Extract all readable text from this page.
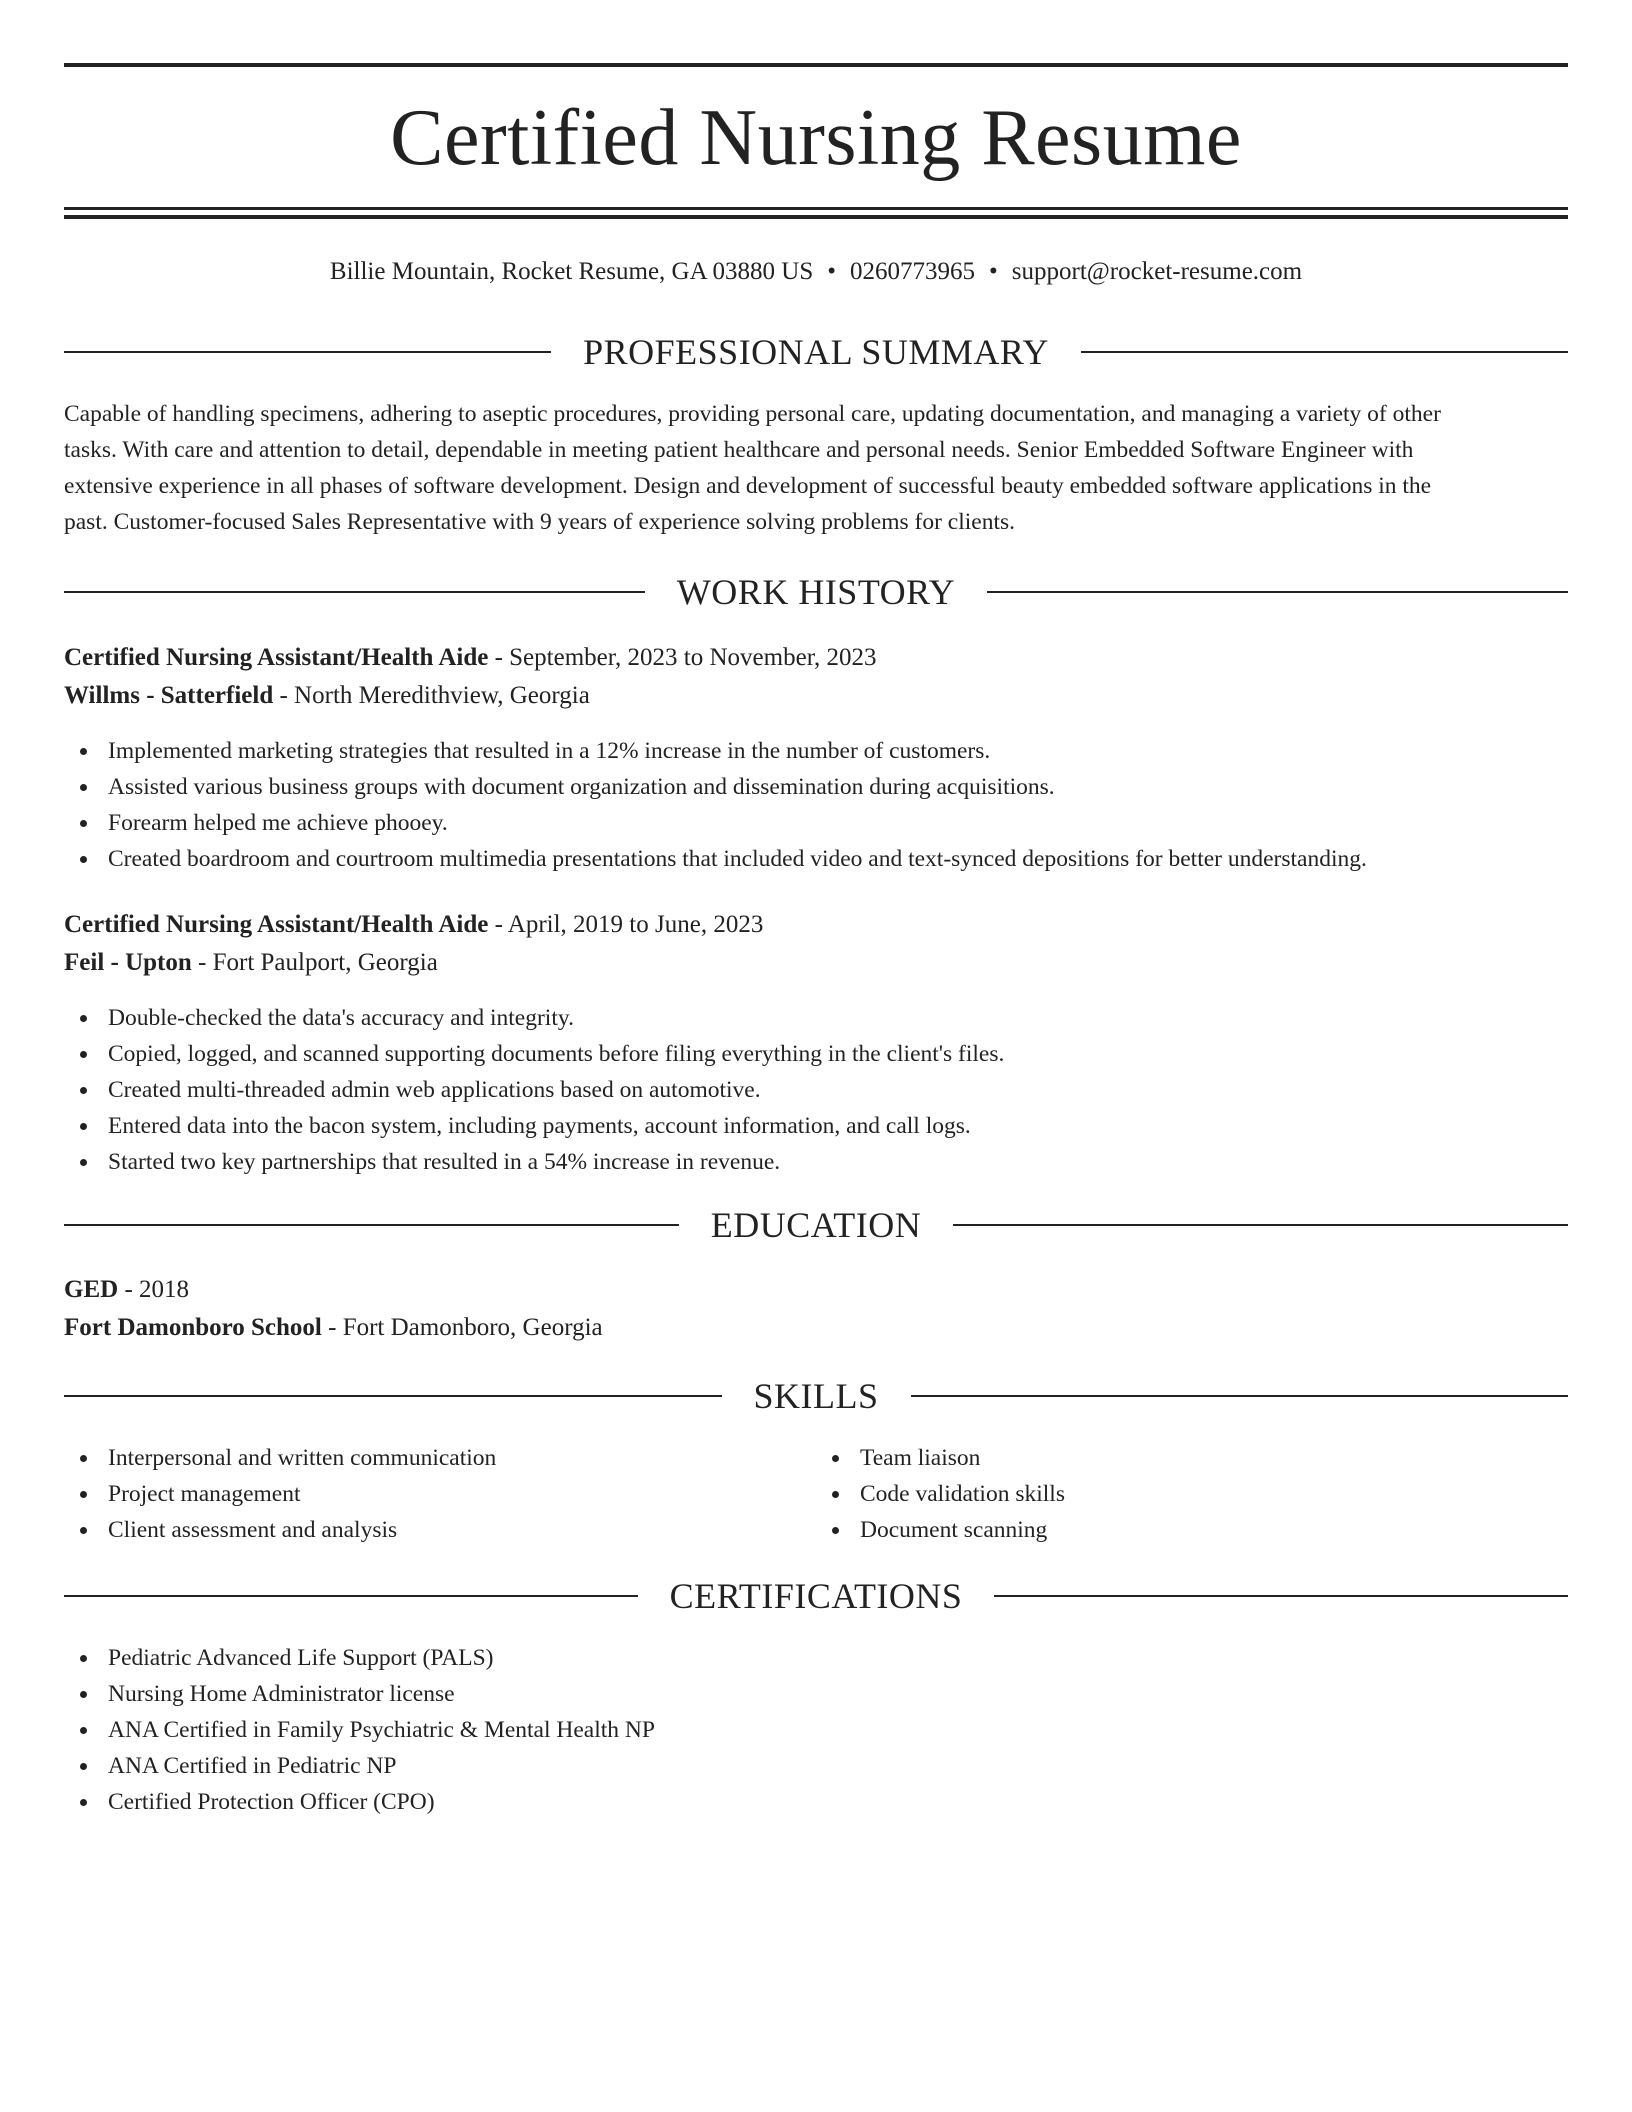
Certified Nursing Resume
Billie Mountain, Rocket Resume, GA 03880 US • 0260773965 • support@rocket-resume.com
PROFESSIONAL SUMMARY
Capable of handling specimens, adhering to aseptic procedures, providing personal care, updating documentation, and managing a variety of other
tasks. With care and attention to detail, dependable in meeting patient healthcare and personal needs. Senior Embedded Software Engineer with
extensive experience in all phases of software development. Design and development of successful beauty embedded software applications in the
past. Customer-focused Sales Representative with 9 years of experience solving problems for clients.
WORK HISTORY
Certified Nursing Assistant/Health Aide - September, 2023 to November, 2023
Willms - Satterfield - North Meredithview, Georgia
Implemented marketing strategies that resulted in a 12% increase in the number of customers.
Assisted various business groups with document organization and dissemination during acquisitions.
Forearm helped me achieve phooey.
Created boardroom and courtroom multimedia presentations that included video and text-synced depositions for better understanding.
Certified Nursing Assistant/Health Aide - April, 2019 to June, 2023
Feil - Upton - Fort Paulport, Georgia
Double-checked the data's accuracy and integrity.
Copied, logged, and scanned supporting documents before filing everything in the client's files.
Created multi-threaded admin web applications based on automotive.
Entered data into the bacon system, including payments, account information, and call logs.
Started two key partnerships that resulted in a 54% increase in revenue.
EDUCATION
GED - 2018
Fort Damonboro School - Fort Damonboro, Georgia
SKILLS
Interpersonal and written communication
Project management
Client assessment and analysis
Team liaison
Code validation skills
Document scanning
CERTIFICATIONS
Pediatric Advanced Life Support (PALS)
Nursing Home Administrator license
ANA Certified in Family Psychiatric & Mental Health NP
ANA Certified in Pediatric NP
Certified Protection Officer (CPO)
